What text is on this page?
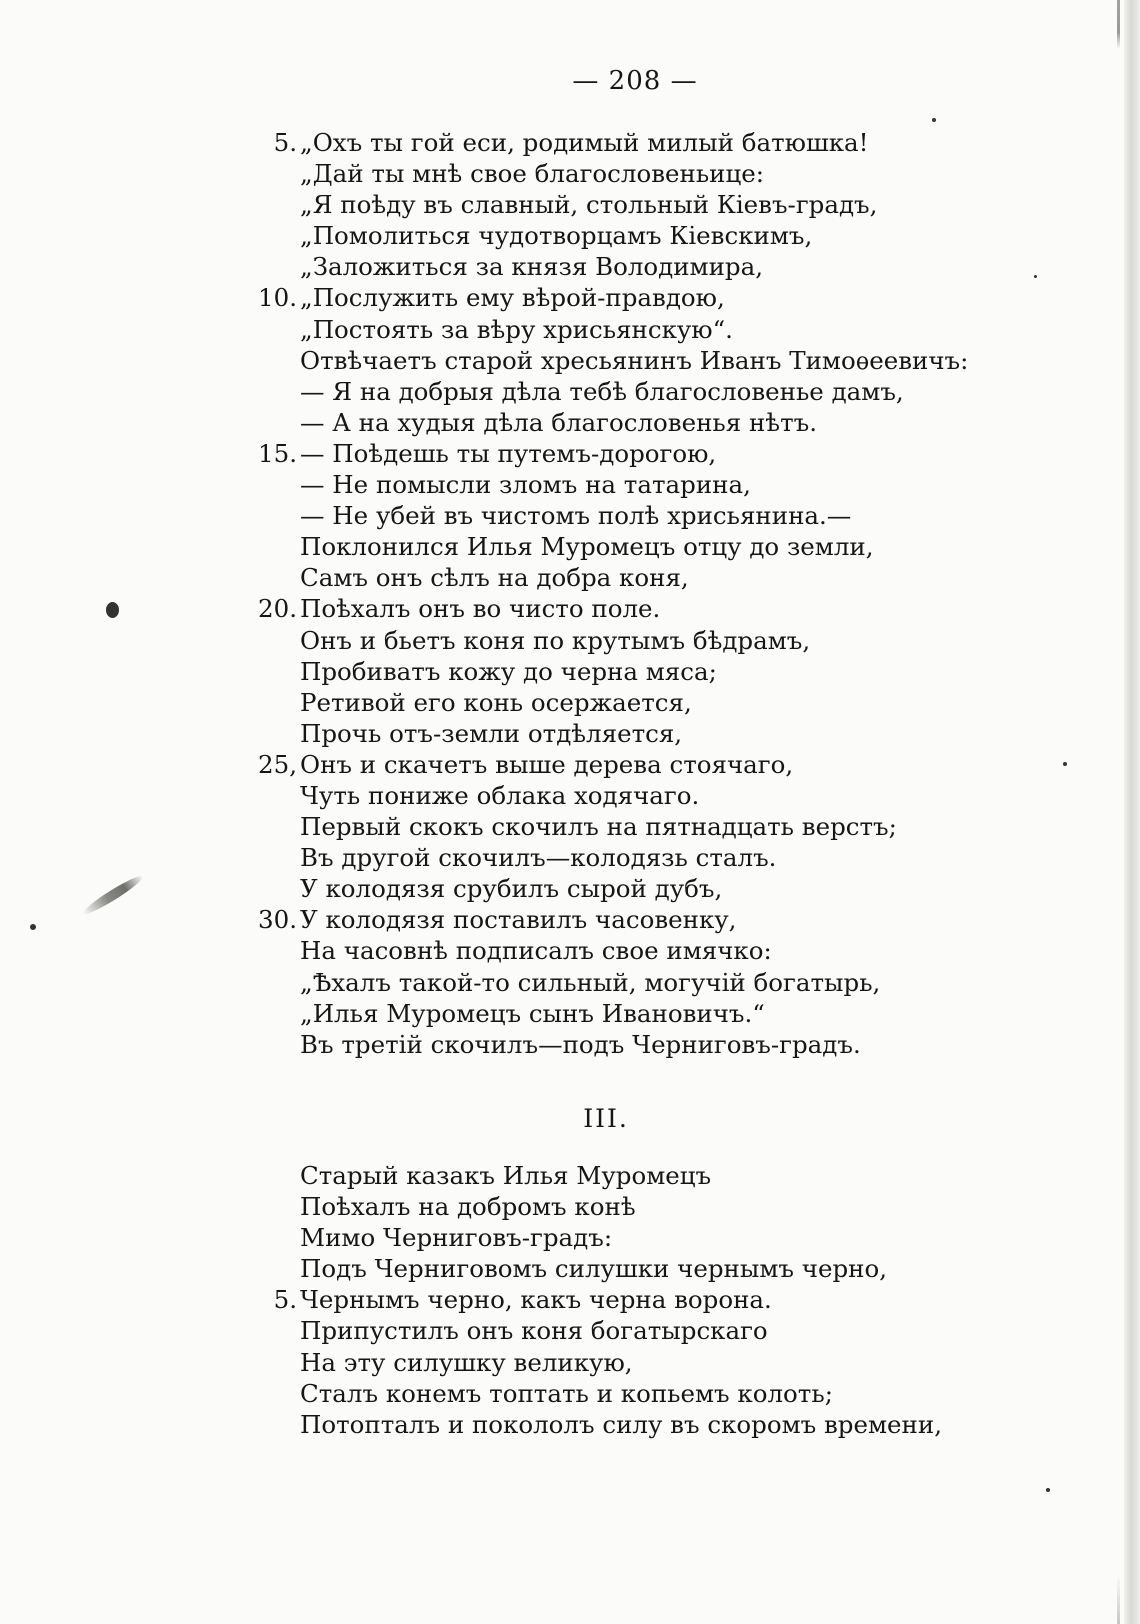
— 208 —
5. „Охъ ты гой еси, родимый милый батюшка!
„Дай ты мнѣ свое благословеньице:
„Я поѣду въ славный, стольный Кіевъ-градъ,
„Помолиться чудотворцамъ Кіевскимъ,
„Заложиться за князя Володимира,
10. „Послужить ему вѣрой-правдою,
„Постоять за вѣру хрисьянскую“.
Отвѣчаетъ старой хресьянинъ Иванъ Тимоѳеевичъ:
— Я на добрыя дѣла тебѣ благословенье дамъ,
— А на худыя дѣла благословенья нѣтъ.
15. — Поѣдешь ты путемъ-дорогою,
— Не помысли зломъ на татарина,
— Не убей въ чистомъ полѣ хрисьянина.—
Поклонился Илья Муромецъ отцу до земли,
Самъ онъ сѣлъ на добра коня,
20. Поѣхалъ онъ во чисто поле.
Онъ и бьетъ коня по крутымъ бѣдрамъ,
Пробиватъ кожу до черна мяса;
Ретивой его конь осержается,
Прочь отъ-земли отдѣляется,
25, Онъ и скачетъ выше дерева стоячаго,
Чуть пониже облака ходячаго.
Первый скокъ скочилъ на пятнадцать верстъ;
Въ другой скочилъ—колодязь сталъ.
У колодязя срубилъ сырой дубъ,
30. У колодязя поставилъ часовенку,
На часовнѣ подписалъ свое имячко:
„Ѣхалъ такой-то сильный, могучій богатырь,
„Илья Муромецъ сынъ Ивановичъ.“
Въ третій скочилъ—подъ Черниговъ-градъ.
III.
Старый казакъ Илья Муромецъ
Поѣхалъ на добромъ конѣ
Мимо Черниговъ-градъ:
Подъ Черниговомъ силушки чернымъ черно,
5. Чернымъ черно, какъ черна ворона.
Припустилъ онъ коня богатырскаго
На эту силушку великую,
Сталъ конемъ топтать и копьемъ колоть;
Потопталъ и покололъ силу въ скоромъ времени,
